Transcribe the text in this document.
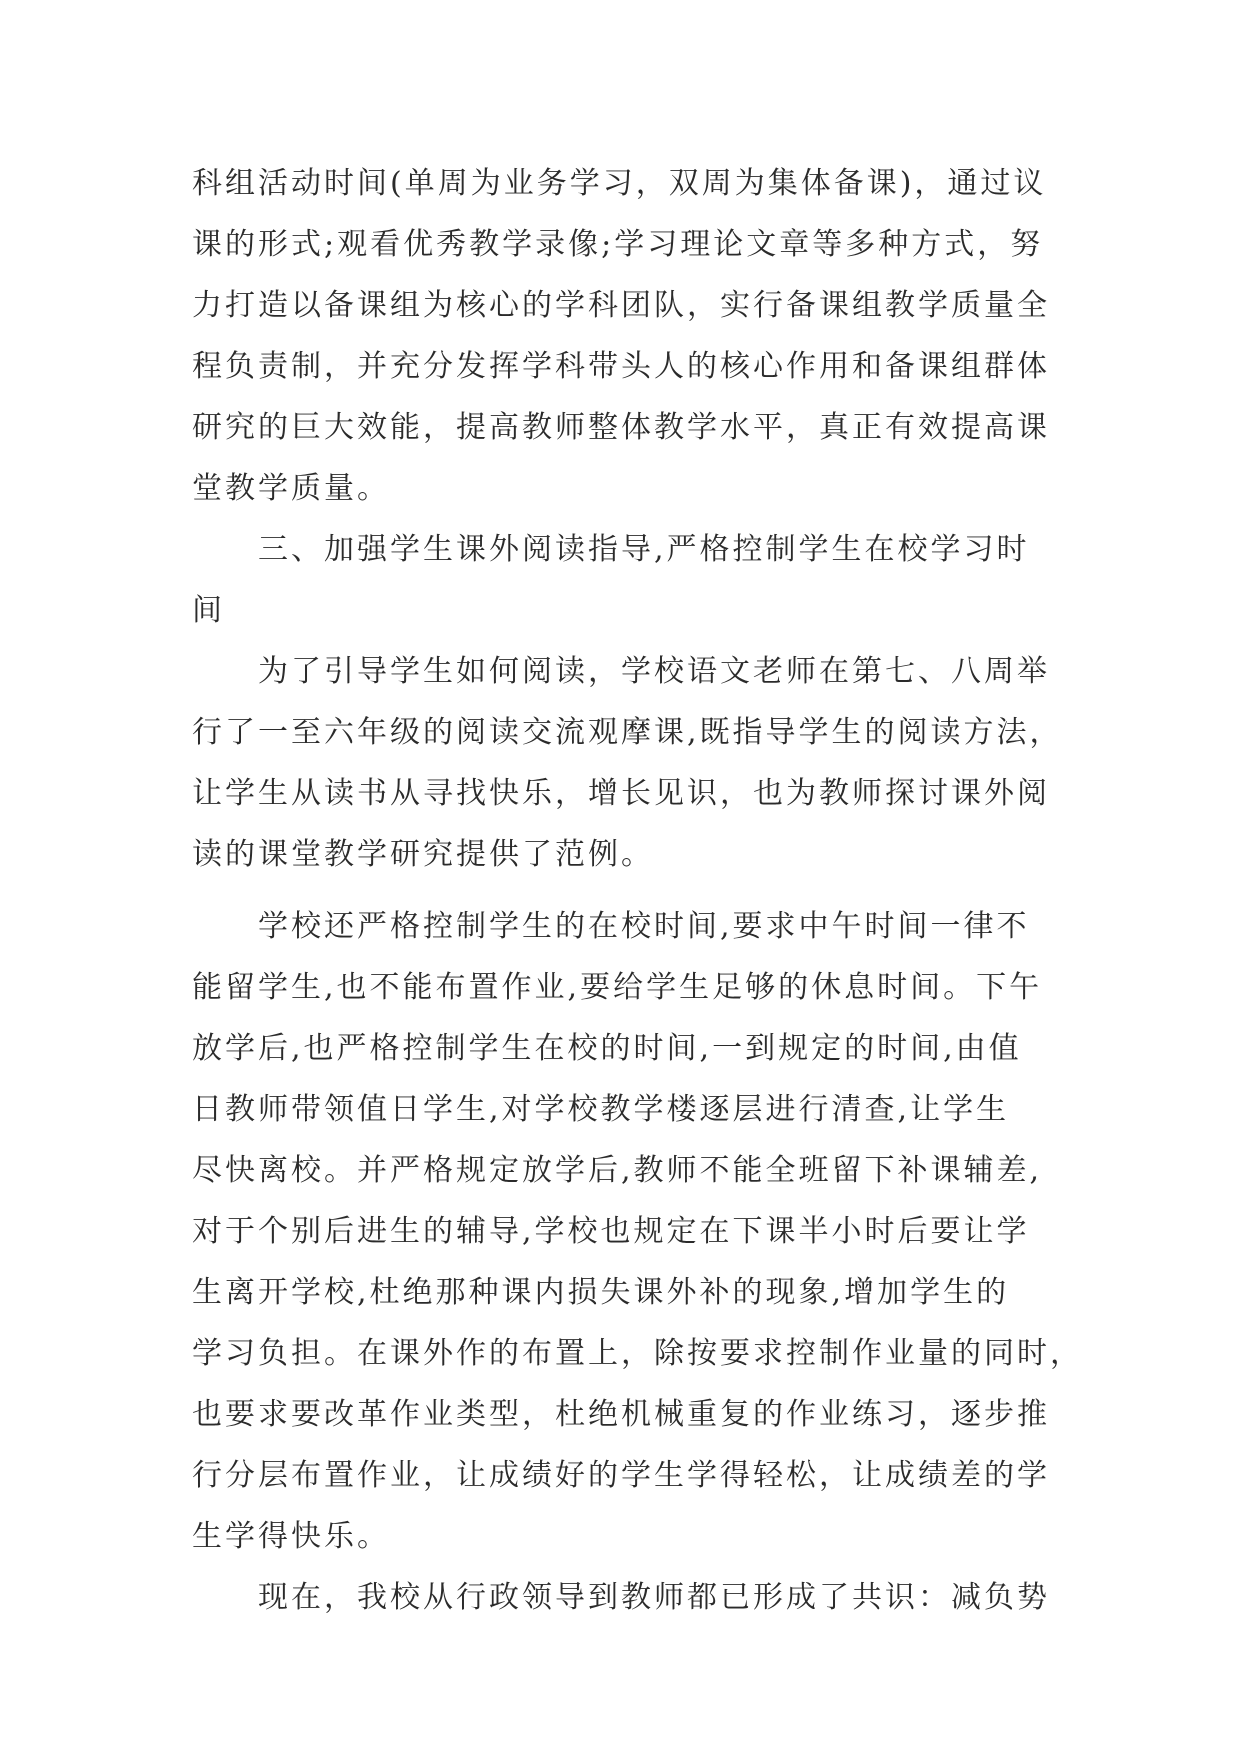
科组活动时间(单周为业务学习，双周为集体备课)，通过议
课的形式;观看优秀教学录像;学习理论文章等多种方式，努
力打造以备课组为核心的学科团队，实行备课组教学质量全
程负责制，并充分发挥学科带头人的核心作用和备课组群体
研究的巨大效能，提高教师整体教学水平，真正有效提高课
堂教学质量。
三、加强学生课外阅读指导,严格控制学生在校学习时
间
为了引导学生如何阅读，学校语文老师在第七、八周举
行了一至六年级的阅读交流观摩课,既指导学生的阅读方法，
让学生从读书从寻找快乐，增长见识，也为教师探讨课外阅
读的课堂教学研究提供了范例。
学校还严格控制学生的在校时间,要求中午时间一律不
能留学生,也不能布置作业,要给学生足够的休息时间。下午
放学后,也严格控制学生在校的时间,一到规定的时间,由值
日教师带领值日学生,对学校教学楼逐层进行清查,让学生
尽快离校。并严格规定放学后,教师不能全班留下补课辅差,
对于个别后进生的辅导,学校也规定在下课半小时后要让学
生离开学校,杜绝那种课内损失课外补的现象,增加学生的
学习负担。在课外作的布置上，除按要求控制作业量的同时，
也要求要改革作业类型，杜绝机械重复的作业练习，逐步推
行分层布置作业，让成绩好的学生学得轻松，让成绩差的学
生学得快乐。
现在，我校从行政领导到教师都已形成了共识：减负势
